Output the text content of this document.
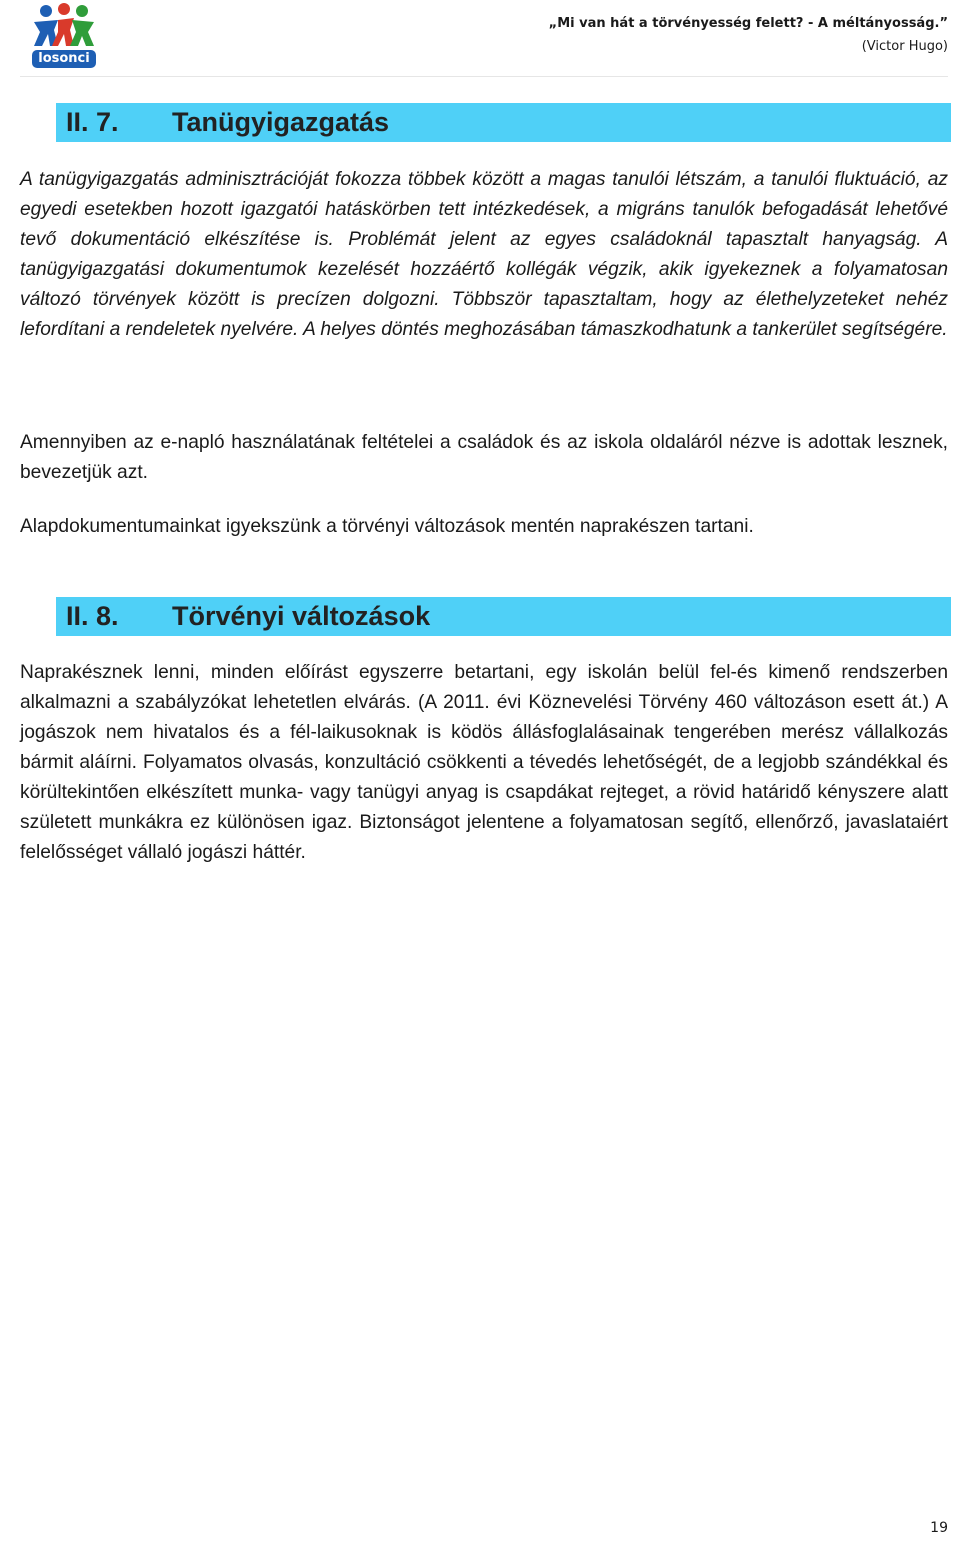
losonci
„Mi van hát a törvényesség felett? - A méltányosság.”
(Victor Hugo)
II. 7.	Tanügyigazgatás

A tanügyigazgatás adminisztrációját fokozza többek között a magas tanulói létszám, a tanulói fluktuáció, az egyedi esetekben hozott igazgatói hatáskörben tett intézkedések, a migráns tanulók befogadását lehetővé tevő dokumentáció elkészítése is. Problémát jelent az egyes családoknál tapasztalt hanyagság. A tanügyigazgatási dokumentumok kezelését hozzáértő kollégák végzik, akik igyekeznek a folyamatosan változó törvények között is precízen dolgozni. Többször tapasztaltam, hogy az élethelyzeteket nehéz lefordítani a rendeletek nyelvére. A helyes döntés meghozásában támaszkodhatunk a tankerület segítségére.

Amennyiben az e-napló használatának feltételei a családok és az iskola oldaláról nézve is adottak lesznek, bevezetjük azt.

Alapdokumentumainkat igyekszünk a törvényi változások mentén naprakészen tartani.

II. 8.	Törvényi változások

Naprakésznek lenni, minden előírást egyszerre betartani, egy iskolán belül fel-és kimenő rendszerben alkalmazni a szabályzókat lehetetlen elvárás. (A 2011. évi Köznevelési Törvény 460 változáson esett át.) A jogászok nem hivatalos és a fél-laikusoknak is ködös állásfoglalásainak tengerében merész vállalkozás bármit aláírni. Folyamatos olvasás, konzultáció csökkenti a tévedés lehetőségét, de a legjobb szándékkal és körültekintően elkészített munka- vagy tanügyi anyag is csapdákat rejteget, a rövid határidő kényszere alatt született munkákra ez különösen igaz. Biztonságot jelentene a folyamatosan segítő, ellenőrző, javaslataiért felelősséget vállaló jogászi háttér.

19
